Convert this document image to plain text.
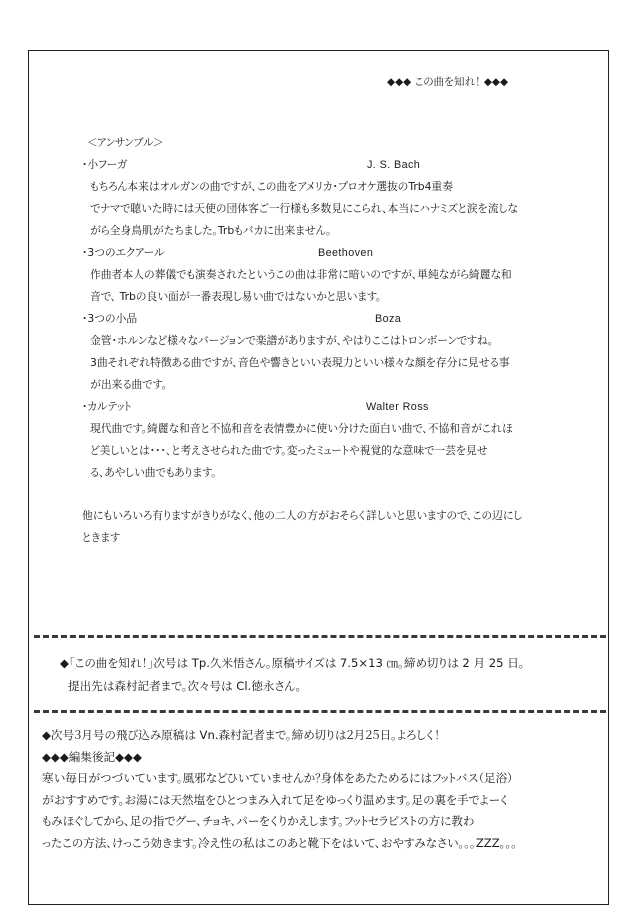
◆◆◆ この曲を知れ！ ◆◆◆
＜アンサンブル＞
・小フーガ	J. S. Bach
もちろん本来はオルガンの曲ですが、この曲をアメリカ・プロオケ選抜のTrb4重奏
でナマで聴いた時には天使の団体客ご一行様も多数見にこられ、本当にハナミズと涙を流しな
がら全身鳥肌がたちました。Trbもバカに出来ません。
・3つのエクアール	Beethoven
作曲者本人の葬儀でも演奏されたというこの曲は非常に暗いのですが、単純ながら綺麗な和
音で、 Trbの良い面が一番表現し易い曲ではないかと思います。
・3つの小品	Boza
金管・ホルンなど様々なバージョンで楽譜がありますが、やはりここはトロンボーンですね。
3曲それぞれ特徴ある曲ですが、音色や響きといい表現力といい様々な顔を存分に見せる事
が出来る曲です。
・カルテット	Walter Ross
現代曲です。綺麗な和音と不協和音を表情豊かに使い分けた面白い曲で、不協和音がこれほ
ど美しいとは・・・、と考えさせられた曲です。変ったミュートや視覚的な意味で一芸を見せ
る、あやしい曲でもあります。
他にもいろいろ有りますがきりがなく、他の二人の方がおそらく詳しいと思いますので、この辺にし
ときます
◆「この曲を知れ！」次号は Tp.久米悟さん。原稿サイズは 7.5×13 ㎝。締め切りは 2 月 25 日。
提出先は森村記者まで。次々号は Cl.徳永さん。
◆次号３月号の飛び込み原稿は Vn.森村記者まで。締め切りは２月２５日。よろしく！
◆◆◆編集後記◆◆◆
寒い毎日がつづいています。風邪などひいていませんか？身体をあたためるにはフットバス（足浴）
がおすすめです。お湯には天然塩をひとつまみ入れて足をゆっくり温めます。足の裏を手でよーく
もみほぐしてから、足の指でグー、チョキ、パーをくりかえします。フットセラピストの方に教わ
ったこの方法、けっこう効きます。冷え性の私はこのあと靴下をはいて、おやすみなさい。。。ZZZ。。。
